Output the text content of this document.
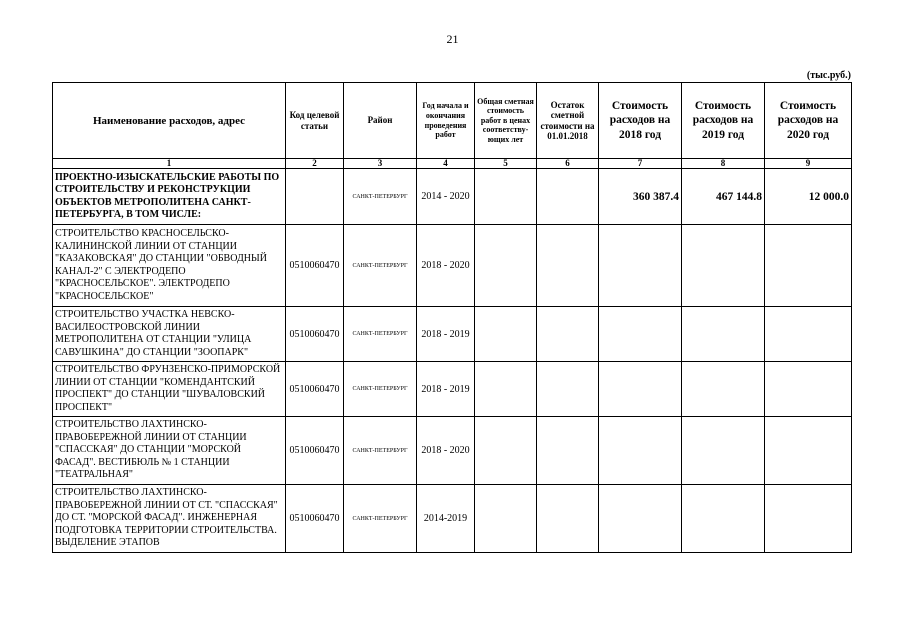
21
(тыс.руб.)
Наименование расходов, адрес	Код целевой статьи	Район	Год начала и окончания проведения работ	Общая сметная стоимость работ в ценах соответству-ющих лет	Остаток сметной стоимости на 01.01.2018	Стоимость расходов на 2018 год	Стоимость расходов на 2019 год	Стоимость расходов на 2020 год
1	2	3	4	5	6	7	8	9
ПРОЕКТНО-ИЗЫСКАТЕЛЬСКИЕ РАБОТЫ ПО СТРОИТЕЛЬСТВУ И РЕКОНСТРУКЦИИ ОБЪЕКТОВ МЕТРОПОЛИТЕНА САНКТ-ПЕТЕРБУРГА, В ТОМ ЧИСЛЕ:		САНКТ-ПЕТЕРБУРГ	2014 - 2020			360 387.4	467 144.8	12 000.0
СТРОИТЕЛЬСТВО КРАСНОСЕЛЬСКО-КАЛИНИНСКОЙ ЛИНИИ ОТ СТАНЦИИ "КАЗАКОВСКАЯ" ДО СТАНЦИИ "ОБВОДНЫЙ КАНАЛ-2" С ЭЛЕКТРОДЕПО "КРАСНОСЕЛЬСКОЕ". ЭЛЕКТРОДЕПО "КРАСНОСЕЛЬСКОЕ"	0510060470	САНКТ-ПЕТЕРБУРГ	2018 - 2020					
СТРОИТЕЛЬСТВО УЧАСТКА НЕВСКО-ВАСИЛЕОСТРОВСКОЙ ЛИНИИ МЕТРОПОЛИТЕНА ОТ СТАНЦИИ "УЛИЦА САВУШКИНА" ДО СТАНЦИИ "ЗООПАРК"	0510060470	САНКТ-ПЕТЕРБУРГ	2018 - 2019					
СТРОИТЕЛЬСТВО ФРУНЗЕНСКО-ПРИМОРСКОЙ ЛИНИИ ОТ СТАНЦИИ "КОМЕНДАНТСКИЙ ПРОСПЕКТ" ДО СТАНЦИИ "ШУВАЛОВСКИЙ ПРОСПЕКТ"	0510060470	САНКТ-ПЕТЕРБУРГ	2018 - 2019					
СТРОИТЕЛЬСТВО ЛАХТИНСКО-ПРАВОБЕРЕЖНОЙ ЛИНИИ ОТ СТАНЦИИ "СПАССКАЯ" ДО СТАНЦИИ "МОРСКОЙ ФАСАД". ВЕСТИБЮЛЬ № 1 СТАНЦИИ "ТЕАТРАЛЬНАЯ"	0510060470	САНКТ-ПЕТЕРБУРГ	2018 - 2020					
СТРОИТЕЛЬСТВО ЛАХТИНСКО-ПРАВОБЕРЕЖНОЙ ЛИНИИ ОТ СТ. "СПАССКАЯ" ДО СТ. "МОРСКОЙ ФАСАД". ИНЖЕНЕРНАЯ ПОДГОТОВКА ТЕРРИТОРИИ СТРОИТЕЛЬСТВА. ВЫДЕЛЕНИЕ ЭТАПОВ	0510060470	САНКТ-ПЕТЕРБУРГ	2014-2019					
